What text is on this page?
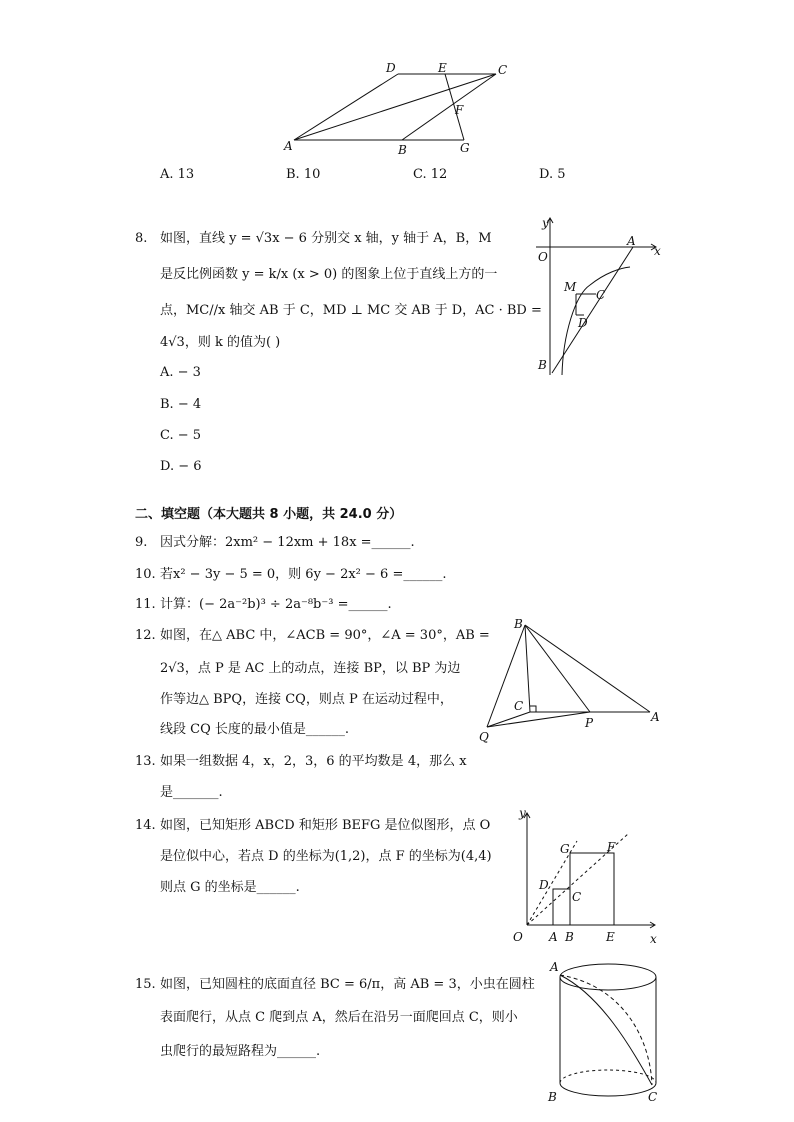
D	E	C
F
A	B	G
A. 13	B. 10	C. 12	D. 5
8. 如图，直线 y = √3x − 6 分别交 x 轴，y 轴于 A，B，M
是反比例函数 y = k/x (x > 0) 的图象上位于直线上方的一
点，MC//x 轴交 AB 于 C，MD ⊥ MC 交 AB 于 D，AC · BD =
4√3，则 k 的值为( )
A. − 3
B. − 4
C. − 5
D. − 6
y
x
O
A
M
C
D
B
二、填空题（本大题共 8 小题，共 24.0 分）
9. 因式分解：2xm² − 12xm + 18x =______.
10. 若x² − 3y − 5 = 0，则 6y − 2x² − 6 =______.
11. 计算：(− 2a⁻²b)³ ÷ 2a⁻⁸b⁻³ =______.
12. 如图，在△ ABC 中，∠ACB = 90°，∠A = 30°，AB =
2√3，点 P 是 AC 上的动点，连接 BP，以 BP 为边
作等边△ BPQ，连接 CQ，则点 P 在运动过程中，
线段 CQ 长度的最小值是______.
B
C
P	A
Q
13. 如果一组数据 4，x，2，3，6 的平均数是 4，那么 x
是_______.
14. 如图，已知矩形 ABCD 和矩形 BEFG 是位似图形，点 O
是位似中心，若点 D 的坐标为(1,2)，点 F 的坐标为(4,4)
则点 G 的坐标是______.
y
G	F
D
C
O A B	E	x
15. 如图，已知圆柱的底面直径 BC = 6/π，高 AB = 3，小虫在圆柱
表面爬行，从点 C 爬到点 A，然后在沿另一面爬回点 C，则小
虫爬行的最短路程为______.
A
B	C
